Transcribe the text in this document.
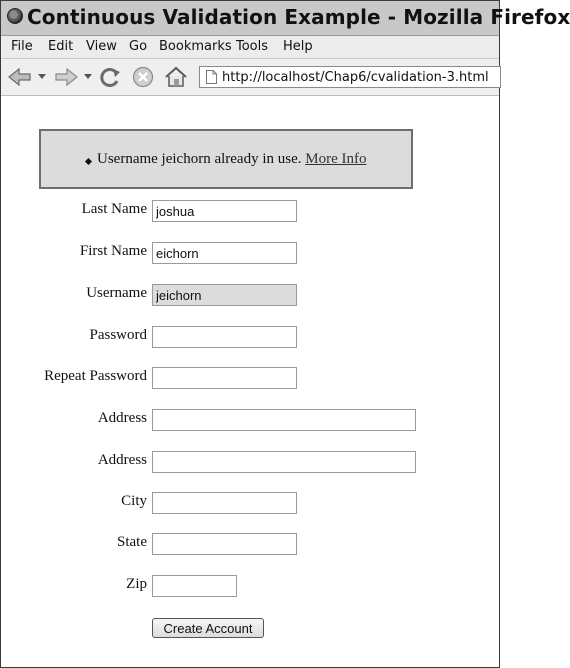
Continuous Validation Example - Mozilla Firefox
File Edit View Go Bookmarks Tools Help
http://localhost/Chap6/cvalidation-3.html
Username jeichorn already in use. More Info
Last Name
joshua
First Name
eichorn
Username
jeichorn
Password
Repeat Password
Address
Address
City
State
Zip
Create Account
